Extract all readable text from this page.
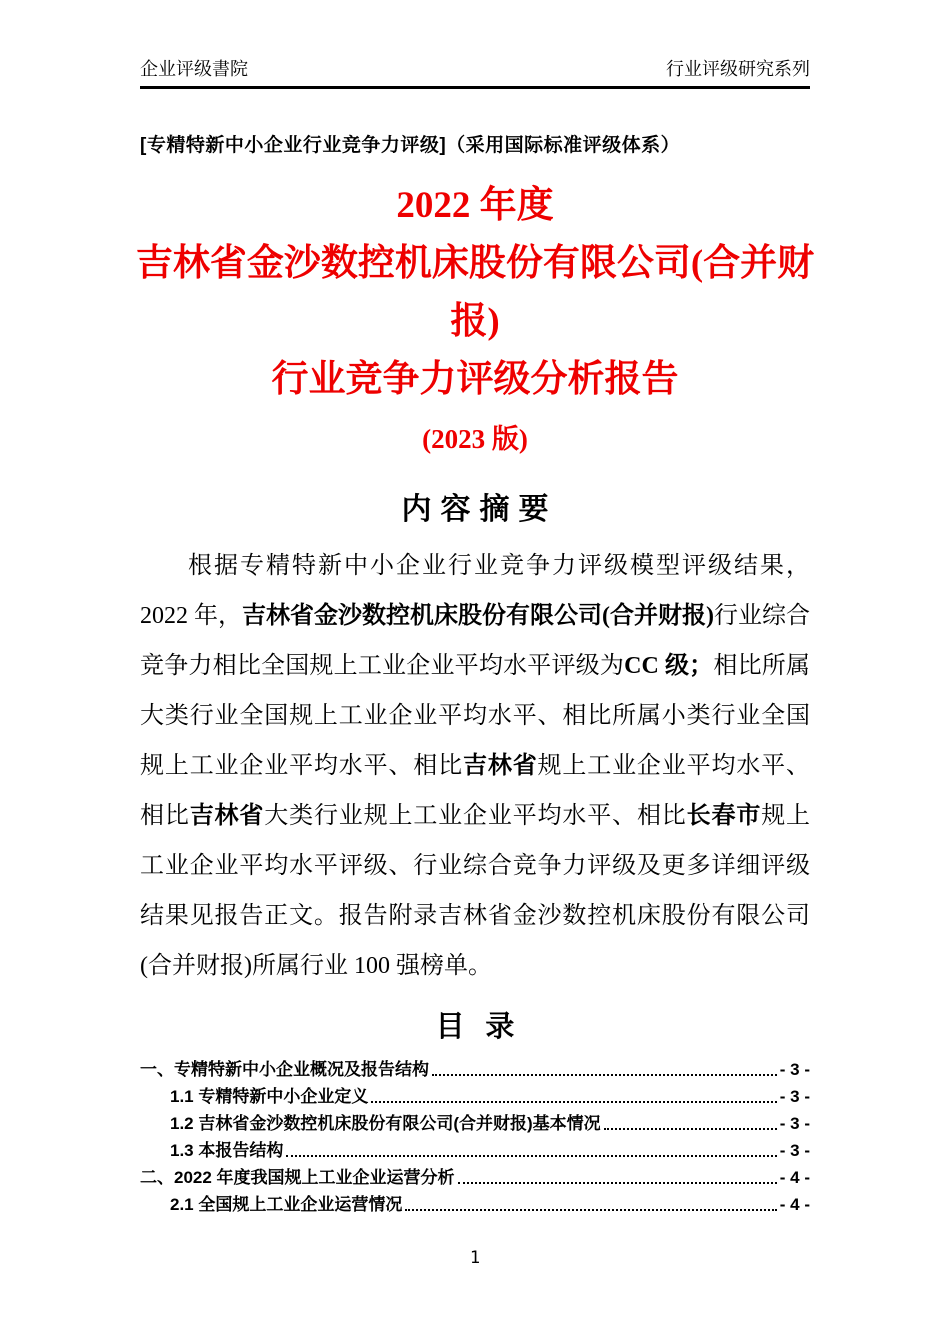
企业评级書院	行业评级研究系列
[专精特新中小企业行业竞争力评级]（采用国际标准评级体系）
2022 年度
吉林省金沙数控机床股份有限公司(合并财报)
行业竞争力评级分析报告
(2023 版)
内容摘要

根据专精特新中小企业行业竞争力评级模型评级结果，2022 年，吉林省金沙数控机床股份有限公司(合并财报)行业综合竞争力相比全国规上工业企业平均水平评级为CC 级；相比所属大类行业全国规上工业企业平均水平、相比所属小类行业全国规上工业企业平均水平、相比吉林省规上工业企业平均水平、相比吉林省大类行业规上工业企业平均水平、相比长春市规上工业企业平均水平评级、行业综合竞争力评级及更多详细评级结果见报告正文。报告附录吉林省金沙数控机床股份有限公司(合并财报)所属行业 100 强榜单。

目 录
一、专精特新中小企业概况及报告结构	- 3 -
1.1 专精特新中小企业定义	- 3 -
1.2 吉林省金沙数控机床股份有限公司(合并财报)基本情况	- 3 -
1.3 本报告结构	- 3 -
二、2022 年度我国规上工业企业运营分析	- 4 -
2.1 全国规上工业企业运营情况	- 4 -
1
